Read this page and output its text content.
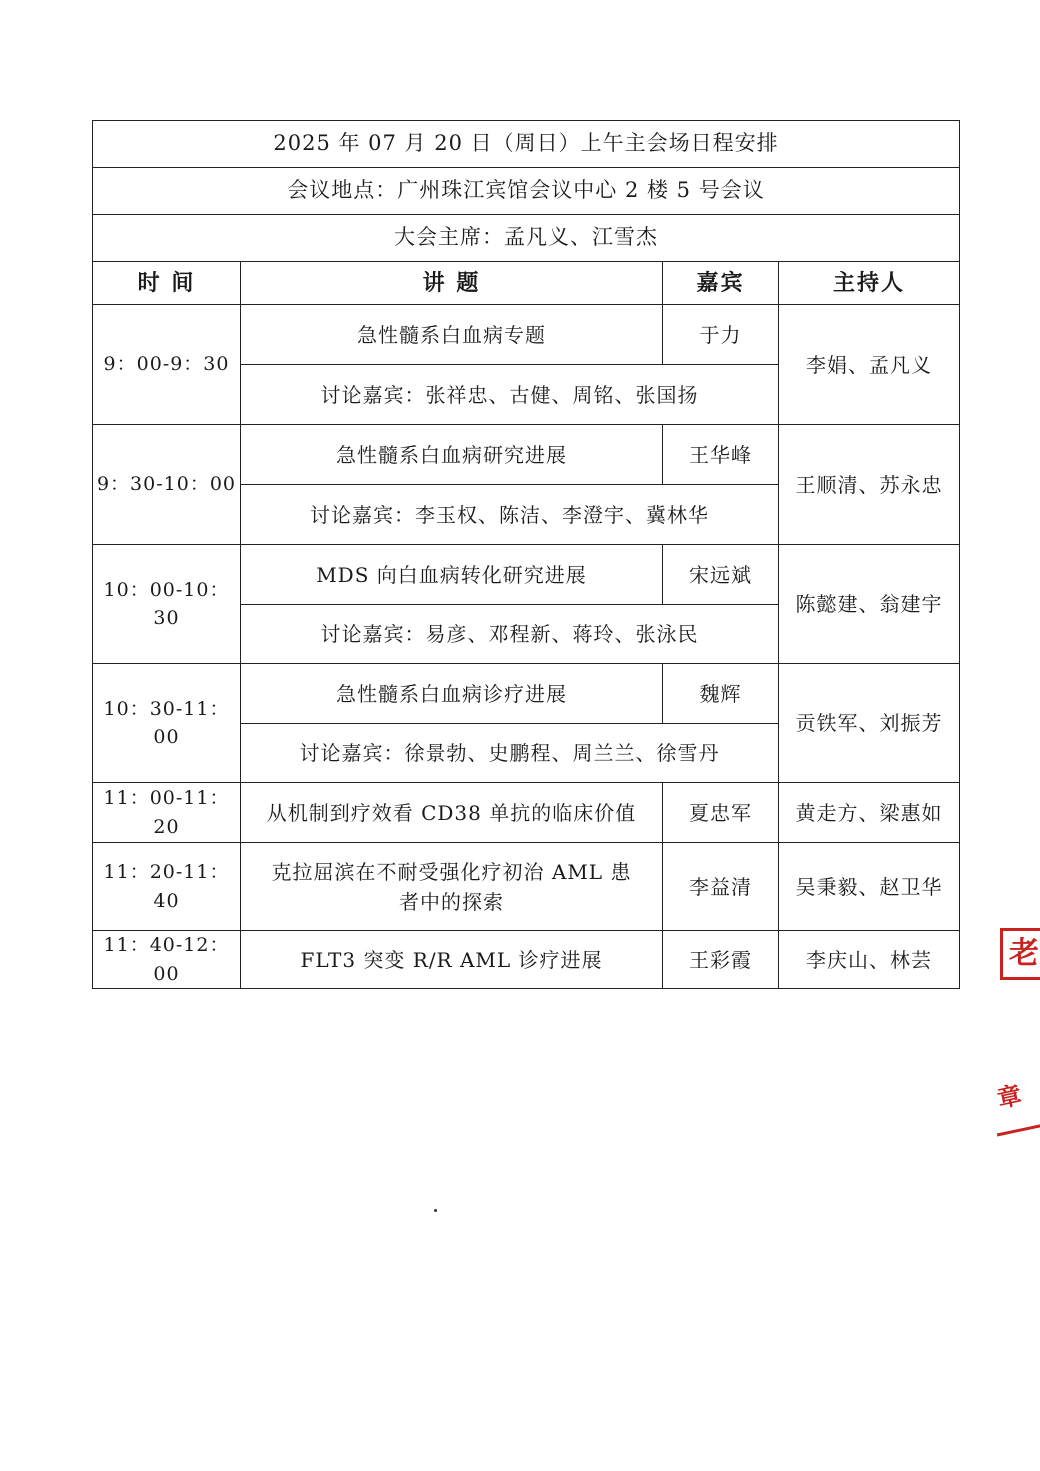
2025 年 07 月 20 日（周日）上午主会场日程安排			
会议地点：广州珠江宾馆会议中心 2 楼 5 号会议			
大会主席：孟凡义、江雪杰			
时 间	讲 题	嘉宾	主持人
9：00-9：30	急性髓系白血病专题	于力	李娟、孟凡义
	讨论嘉宾：张祥忠、古健、周铭、张国扬		
9：30-10：00	急性髓系白血病研究进展	王华峰	王顺清、苏永忠
	讨论嘉宾：李玉权、陈洁、李澄宇、冀林华		
10：00-10：30	MDS 向白血病转化研究进展	宋远斌	陈懿建、翁建宇
	讨论嘉宾：易彦、邓程新、蒋玲、张泳民		
10：30-11：00	急性髓系白血病诊疗进展	魏辉	贡铁军、刘振芳
	讨论嘉宾：徐景勃、史鹏程、周兰兰、徐雪丹		
11：00-11：20	从机制到疗效看 CD38 单抗的临床价值	夏忠军	黄走方、梁惠如
11：20-11：40	克拉屈滨在不耐受强化疗初治 AML 患者中的探索	李益清	吴秉毅、赵卫华
11：40-12：00	FLT3 突变 R/R AML 诊疗进展	王彩霞	李庆山、林芸	老
章
